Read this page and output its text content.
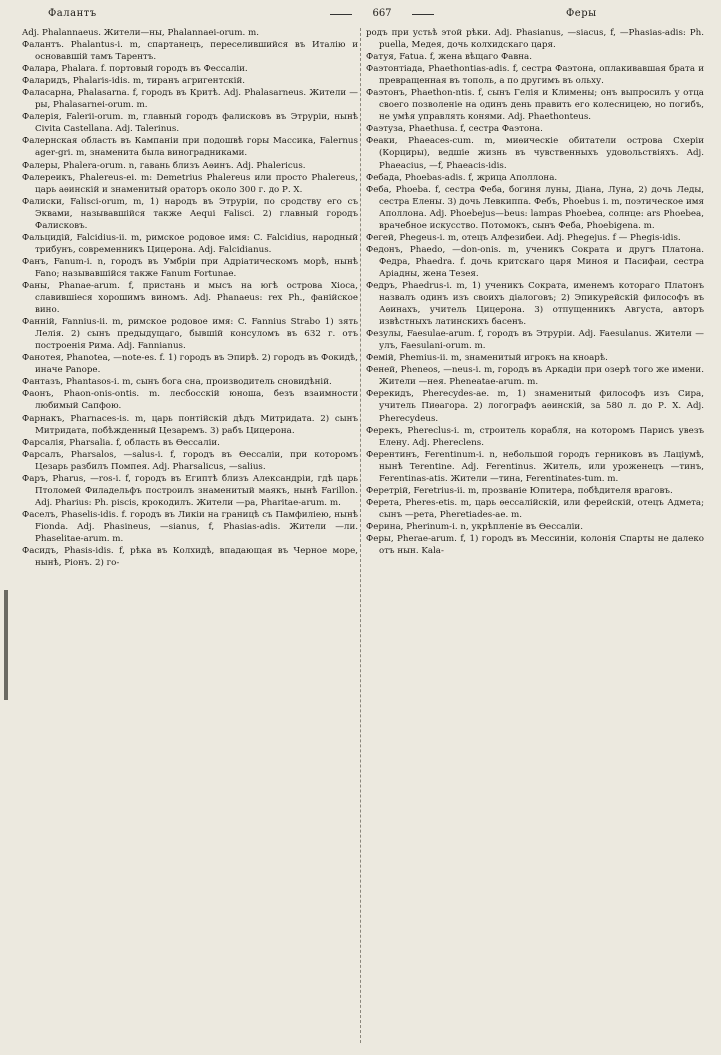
Фалантъ	667	Феры

Adj. Phalannaeus. Жители—ны, Phalannaei-orum. m.

Фалантъ. Phalantus-i. m, спартанецъ, переселившийся въ Италію и основавшій тамъ Тарентъ.

Фалара, Phalara. f. портовый городъ въ Фессаліи.

Фаларидъ, Phalaris-idis. m, тиранъ агригентскій.

Фаласарна, Phalasarna. f, городъ въ Критѣ. Adj. Phalasarneus. Жители —ры, Phalasarnei-orum. m.

Фалерія, Falerii-orum. m, главный городъ фалисковъ въ Этруріи, нынѣ Civita Castellana. Adj. Talerinus.

Фалернская область въ Кампаніи при подошвѣ горы Массика, Falernus ager-gri. m, знаменита была виноградниками.

Фалеры, Phalera-orum. n, гавань близъ Аѳинъ. Adj. Phalericus.

Фалереикъ, Phalereus-ei. m: Demetrius Phalereus или просто Phalereus, царь аѳинскій и знаменитый ораторъ около 300 г. до Р. Х.

Фалиски, Falisci-orum, m, 1) народъ въ Этруріи, по сродству его съ Эквами, называвшійся также Aequi Falisci. 2) главный городъ Фалисковъ.

Фальцидій, Falcidius-ii. m, римское родовое имя: C. Falcidius, народный трибунъ, современникъ Цицерона. Adj. Falcidianus.

Фанъ, Fanum-i. n, городъ въ Умбріи при Адріатическомъ морѣ, нынѣ Fano; называвшійся также Fanum Fortunae.

Фаны, Phanae-arum. f, пристань и мысъ на югѣ острова Хіоса, славившіеся хорошимъ виномъ. Adj. Phanaeus: rex Ph., фанійское вино.

Фанній, Fannius-ii. m, римское родовое имя: C. Fannius Strabo 1) зять Лелія. 2) сынъ предыдущаго, бывшій консуломъ въ 632 г. отъ построенія Рима. Adj. Fannianus.

Фанотея, Phanotea, —note-es. f. 1) городъ въ Эпирѣ. 2) городъ въ Фокидѣ, иначе Panope.

Фантазъ, Phantasos-i. m, сынъ бога сна, производитель сновидѣній.

Фаонъ, Phaon-onis-ontis. m. лесбосскій юноша, безъ взаимности любимый Сапфою.

Фарнакъ, Pharnaces-is. m, царь понтійскій дѣдъ Митридата. 2) сынъ Митридата, побѣжденный Цезаремъ. 3) рабъ Цицерона.

Фарсалія, Pharsalia. f, область въ Ѳессаліи.

Фарсалъ, Pharsalos, —salus-i. f, городъ въ Ѳессаліи, при которомъ Цезарь разбилъ Помпея. Adj. Pharsalicus, —salius.

Фаръ, Pharus, —ros-i. f, городъ въ Египтѣ близъ Александріи, гдѣ царь Птоломей Филадельфъ построилъ знаменитый маякъ, нынѣ Farillon. Adj. Pharius: Ph. piscis, крокодилъ. Жители —ра, Pharitae-arum. m.

Фаселъ, Phaselis-idis. f. городъ въ Ликіи на границѣ съ Памфиліею, нынѣ Fionda. Adj. Phasineus, —sianus, f, Phasias-adis. Жители —ли. Phaselitae-arum. m.

Фасидъ, Phasis-idis. f, рѣка въ Колхидѣ, впадающая въ Черное море, нынѣ, Ріонъ. 2) го-

родъ при устьѣ этой рѣки. Adj. Phasianus, —siacus, f, —Phasias-adis: Ph. puella, Медея, дочь колхидскаго царя.

Фатуя, Fatua. f, жена вѣщаго Фавна.

Фаэтонтіада, Phaethontias-adis. f, сестра Фаэтона, оплакивавшая брата и превращенная въ тополь, а по другимъ въ ольху.

Фаэтонъ, Phaethon-ntis. f, сынъ Гелія и Климены; онъ выпросилъ у отца своего позволеніе на одинъ день править его колесницею, но погибъ, не умѣя управлять конями. Adj. Phaethonteus.

Фаэтуза, Phaethusa. f, сестра Фаэтона.

Феаки, Phaeaces-cum. m, миѳическіе обитатели острова Схеріи (Корциры), ведшіе жизнь въ чувственныхъ удовольствіяхъ. Adj. Phaeacius, —f, Phaeacis-idis.

Фебада, Phoebas-adis. f, жрица Аполлона.

Феба, Phoeba. f, сестра Феба, богиня луны, Діана, Луна, 2) дочь Леды, сестра Елены. 3) дочь Левкиппа. Фебъ, Phoebus i. m, поэтическое имя Аполлона. Adj. Phoebejus—beus: lampas Phoebea, солнце: ars Phoebea, врачебное искусство. Потомокъ, сынъ Феба, Phoebigena. m.

Фегей, Phegeus-i. m, отецъ Алфезибеи. Adj. Phegejus. f — Phegis-idis.

Федонъ, Phaedo, —don-onis. m, ученикъ Сократа и другъ Платона. Федра, Phaedra. f. дочь критскаго царя Миноя и Пасифаи, сестра Аріадны, жена Тезея.

Федръ, Phaedrus-i. m, 1) ученикъ Сократа, именемъ котораго Платонъ назвалъ одинъ изъ своихъ діалоговъ; 2) Эпикурейскій философъ въ Аѳинахъ, учитель Цицерона. 3) отпущенникъ Августа, авторъ извѣстныхъ латинскихъ басенъ.

Фезулы, Faesulae-arum. f, городъ въ Этруріи. Adj. Faesulanus. Жители —улъ, Faesulani-orum. m.

Фемій, Phemius-ii. m, знаменитый игрокъ на кноарѣ.

Феней, Pheneos, —neus-i. m, городъ въ Аркадіи при озерѣ того же имени. Жители —нея. Pheneatae-arum. m.

Ферекидъ, Pherecydes-ae. m, 1) знаменитый философъ изъ Сира, учитель Пиѳагора. 2) логографъ аѳинскій, за 580 л. до Р. Х. Adj. Pherecydeus.

Ферекъ, Phereclus-i. m, строитель корабля, на которомъ Парисъ увезъ Елену. Adj. Phereclens.

Ферентинъ, Ferentinum-i. n, небольшой городъ герниковъ въ Лаціумѣ, нынѣ Terentine. Adj. Ferentinus. Житель, или уроженецъ —тинъ, Ferentinas-atis. Жители —тина, Ferentinates-tum. m.

Феретрій, Feretrius-ii. m, прозваніе Юпитера, побѣдителя враговъ.

Ферета, Pheres-etis. m, царь ѳессалійскій, или ферейскій, отецъ Адмета; сынъ —рета, Pheretiades-ae. m.

Ферина, Pherinum-i. n, укрѣпленіе въ Ѳессаліи.

Феры, Pherae-arum. f, 1) городъ въ Мессиніи, колонія Спарты не далеко отъ нын. Kala-
